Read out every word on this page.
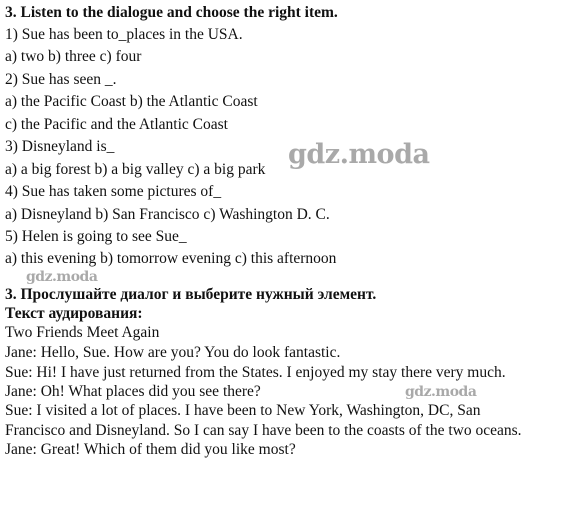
3. Listen to the dialogue and choose the right item.
1) Sue has been to_places in the USA.
a) two b) three c) four
2) Sue has seen _.
a) the Pacific Coast b) the Atlantic Coast
c) the Pacific and the Atlantic Coast
3) Disneyland is_
a) a big forest b) a big valley c) a big park
4) Sue has taken some pictures of_
a) Disneyland b) San Francisco c) Washington D. C.
5) Helen is going to see Sue_
a) this evening b) tomorrow evening c) this afternoon
3. Прослушайте диалог и выберите нужный элемент.
Текст аудирования:
Two Friends Meet Again
Jane: Hello, Sue. How are you? You do look fantastic.
Sue: Hi! I have just returned from the States. I enjoyed my stay there very much.
Jane: Oh! What places did you see there?
Sue: I visited a lot of places. I have been to New York, Washington, DC, San
Francisco and Disneyland. So I can say I have been to the coasts of the two oceans.
Jane: Great! Which of them did you like most?
gdz.moda
gdz.moda
gdz.moda
